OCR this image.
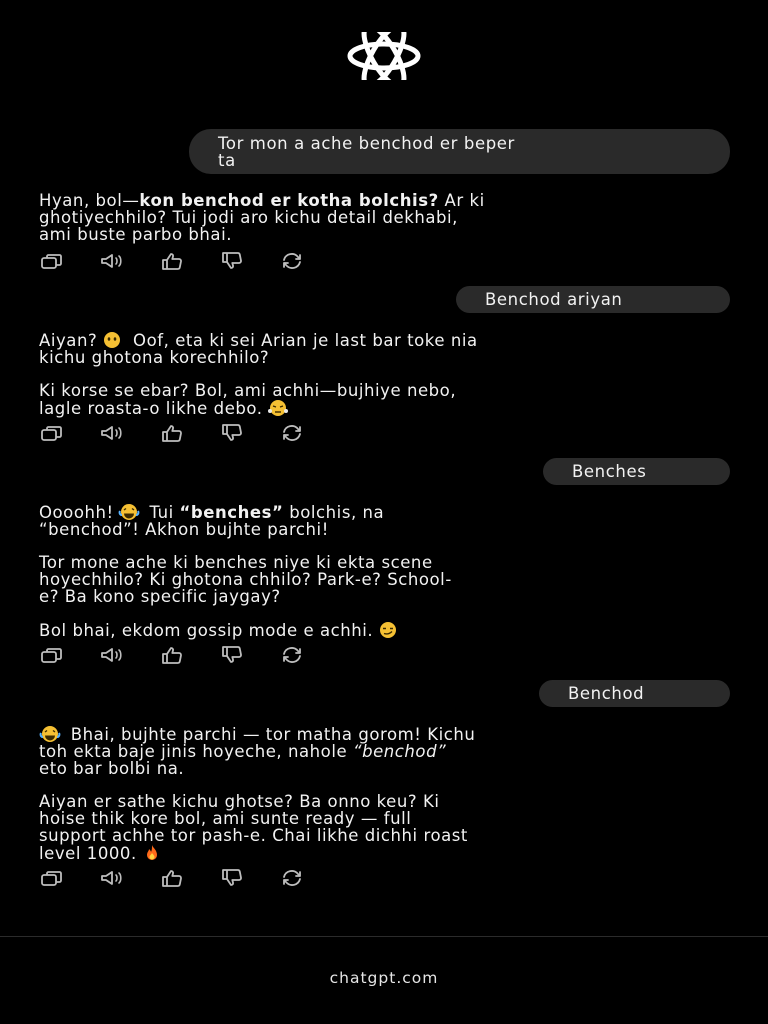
Tor mon a ache benchod er beper
ta

Hyan, bol—kon benchod er kotha bolchis? Ar ki
ghotiyechhilo? Tui jodi aro kichu detail dekhabi,
ami buste parbo bhai.

Benchod ariyan

Aiyan? Oof, eta ki sei Arian je last bar toke nia
kichu ghotona korechhilo?

Ki korse se ebar? Bol, ami achhi—bujhiye nebo,
lagle roasta-o likhe debo.

Benches

Oooohh! Tui “benches” bolchis, na
“benchod”! Akhon bujhte parchi!

Tor mone ache ki benches niye ki ekta scene
hoyechhilo? Ki ghotona chhilo? Park-e? School-
e? Ba kono specific jaygay?

Bol bhai, ekdom gossip mode e achhi.

Benchod

Bhai, bujhte parchi — tor matha gorom! Kichu
toh ekta baje jinis hoyeche, nahole “benchod”
eto bar bolbi na.

Aiyan er sathe kichu ghotse? Ba onno keu? Ki
hoise thik kore bol, ami sunte ready — full
support achhe tor pash-e. Chai likhe dichhi roast
level 1000.

chatgpt.com
